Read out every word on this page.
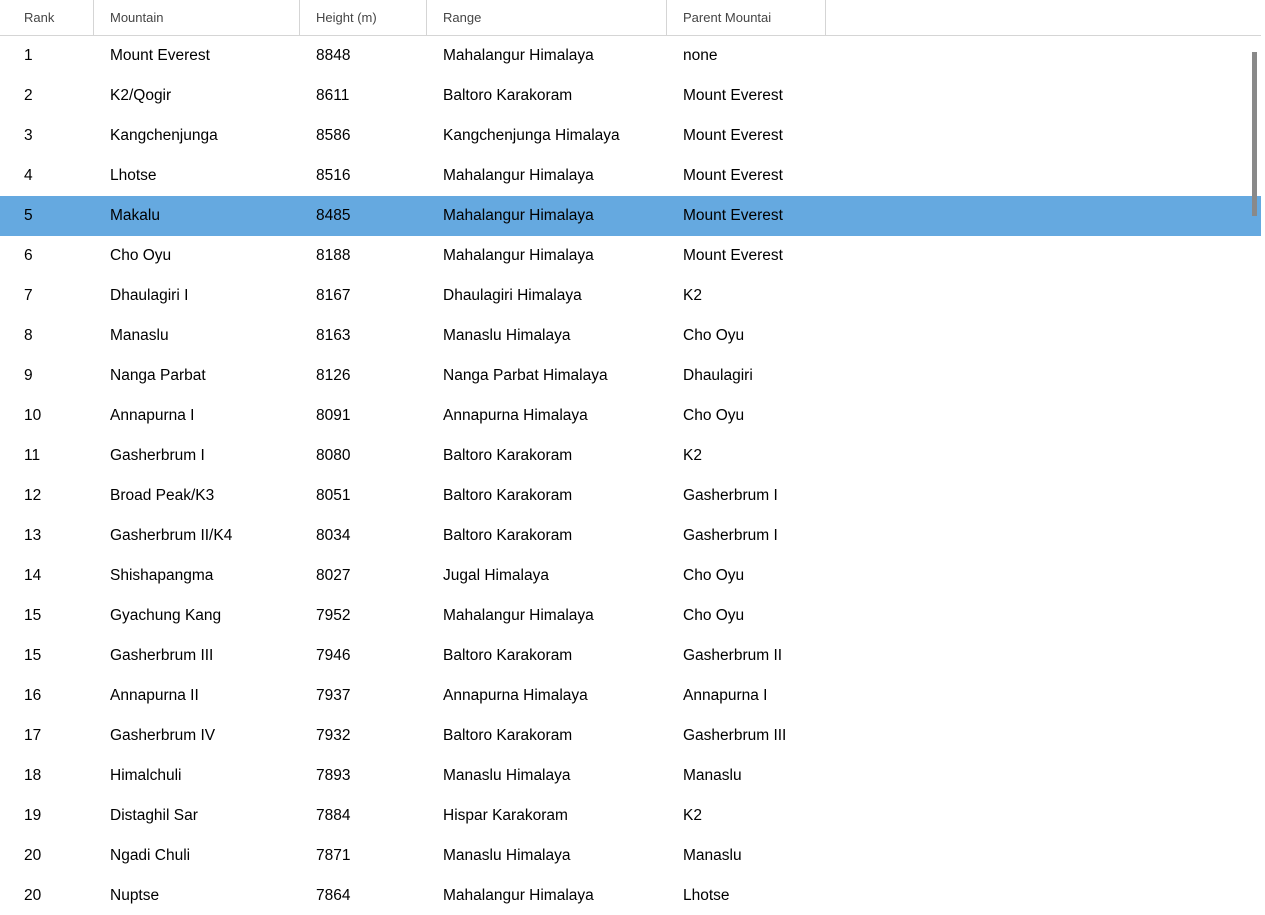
Rank	Mountain	Height (m)	Range	Parent Mountai
1	Mount Everest	8848	Mahalangur Himalaya	none
2	K2/Qogir	8611	Baltoro Karakoram	Mount Everest
3	Kangchenjunga	8586	Kangchenjunga Himalaya	Mount Everest
4	Lhotse	8516	Mahalangur Himalaya	Mount Everest
5	Makalu	8485	Mahalangur Himalaya	Mount Everest
6	Cho Oyu	8188	Mahalangur Himalaya	Mount Everest
7	Dhaulagiri I	8167	Dhaulagiri Himalaya	K2
8	Manaslu	8163	Manaslu Himalaya	Cho Oyu
9	Nanga Parbat	8126	Nanga Parbat Himalaya	Dhaulagiri
10	Annapurna I	8091	Annapurna Himalaya	Cho Oyu
11	Gasherbrum I	8080	Baltoro Karakoram	K2
12	Broad Peak/K3	8051	Baltoro Karakoram	Gasherbrum I
13	Gasherbrum II/K4	8034	Baltoro Karakoram	Gasherbrum I
14	Shishapangma	8027	Jugal Himalaya	Cho Oyu
15	Gyachung Kang	7952	Mahalangur Himalaya	Cho Oyu
15	Gasherbrum III	7946	Baltoro Karakoram	Gasherbrum II
16	Annapurna II	7937	Annapurna Himalaya	Annapurna I
17	Gasherbrum IV	7932	Baltoro Karakoram	Gasherbrum III
18	Himalchuli	7893	Manaslu Himalaya	Manaslu
19	Distaghil Sar	7884	Hispar Karakoram	K2
20	Ngadi Chuli	7871	Manaslu Himalaya	Manaslu
20	Nuptse	7864	Mahalangur Himalaya	Lhotse
